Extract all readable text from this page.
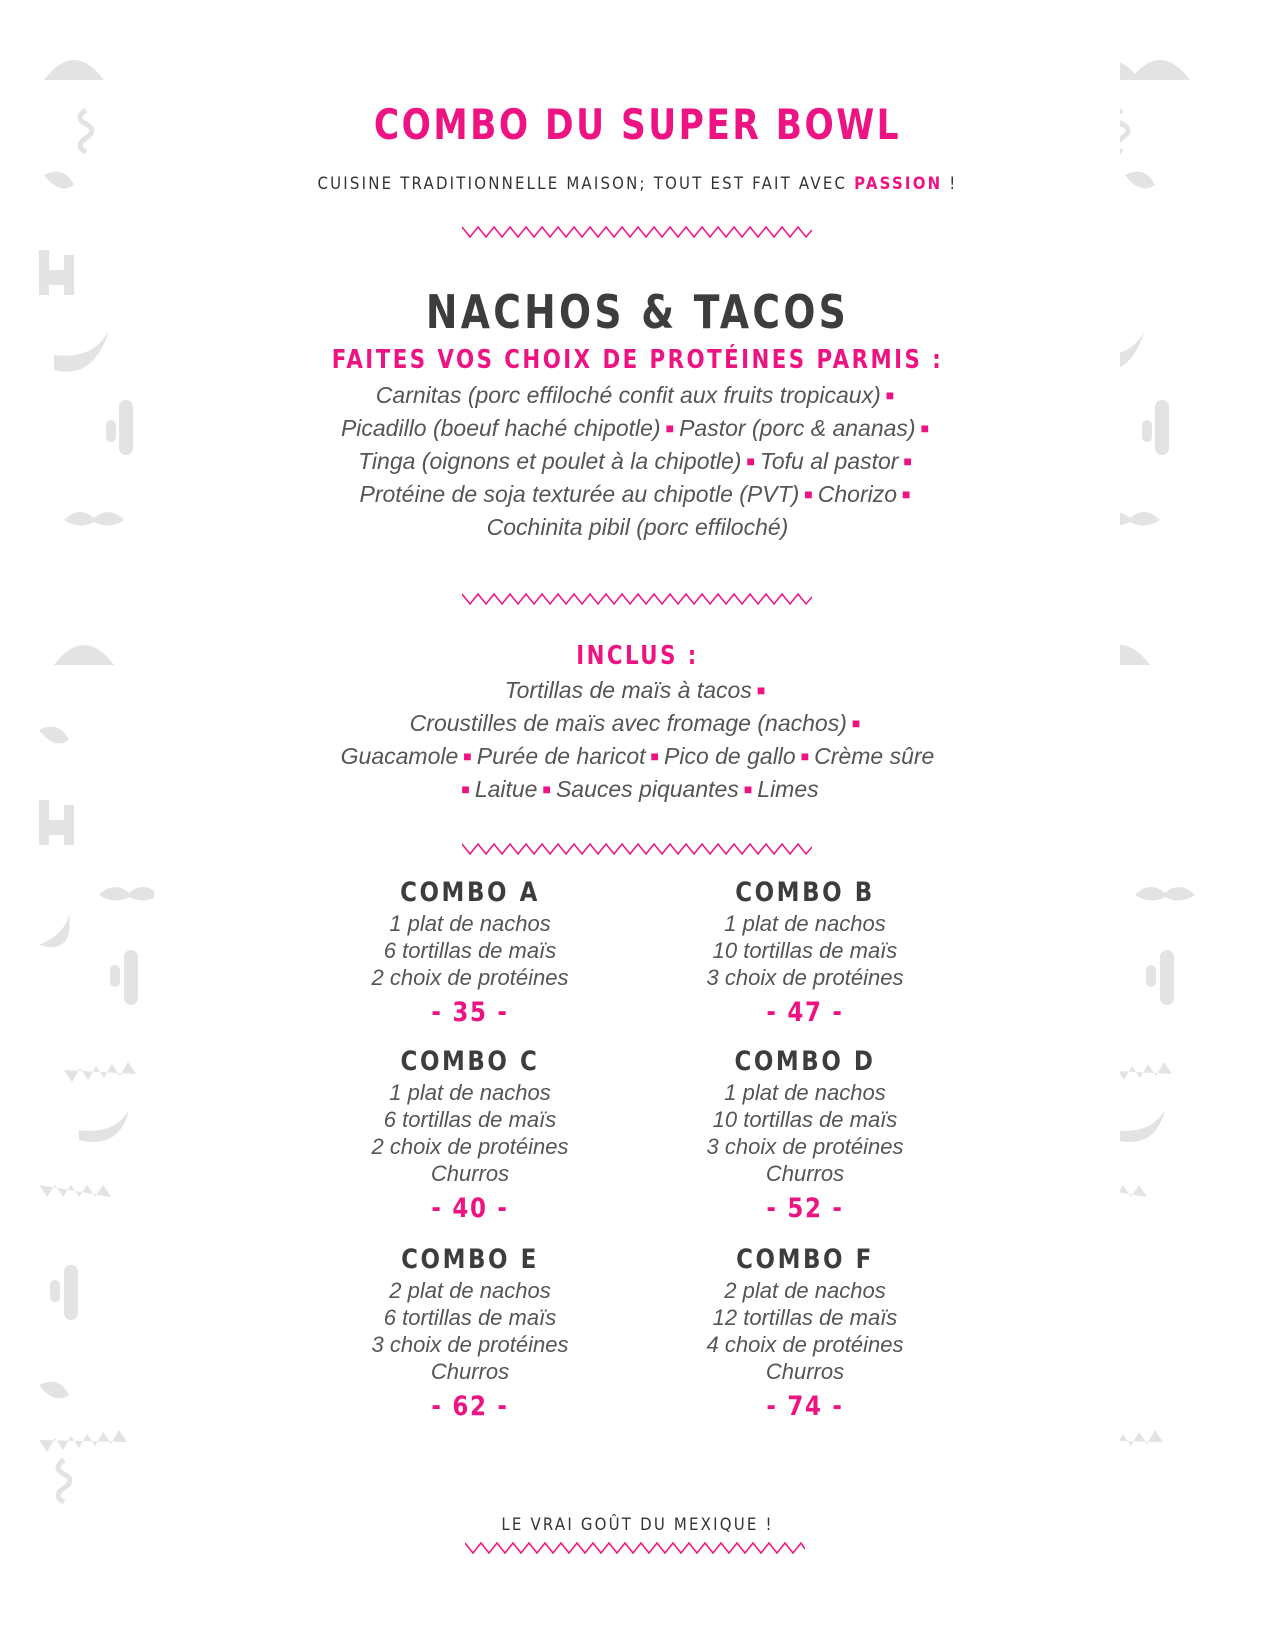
COMBO DU SUPER BOWL
CUISINE TRADITIONNELLE MAISON; TOUT EST FAIT AVEC PASSION !
NACHOS & TACOS
FAITES VOS CHOIX DE PROTÉINES PARMIS :
Carnitas (porc effiloché confit aux fruits tropicaux) ■
Picadillo (boeuf haché chipotle) ■ Pastor (porc & ananas) ■
Tinga (oignons et poulet à la chipotle) ■ Tofu al pastor ■
Protéine de soja texturée au chipotle (PVT) ■ Chorizo ■
Cochinita pibil (porc effiloché)
INCLUS :
Tortillas de maïs à tacos ■
Croustilles de maïs avec fromage (nachos) ■
Guacamole ■ Purée de haricot ■ Pico de gallo ■ Crème sûre
■ Laitue ■ Sauces piquantes ■ Limes
COMBO A
1 plat de nachos
6 tortillas de maïs
2 choix de protéines
- 35 -
COMBO B
1 plat de nachos
10 tortillas de maïs
3 choix de protéines
- 47 -
COMBO C
1 plat de nachos
6 tortillas de maïs
2 choix de protéines
Churros
- 40 -
COMBO D
1 plat de nachos
10 tortillas de maïs
3 choix de protéines
Churros
- 52 -
COMBO E
2 plat de nachos
6 tortillas de maïs
3 choix de protéines
Churros
- 62 -
COMBO F
2 plat de nachos
12 tortillas de maïs
4 choix de protéines
Churros
- 74 -
LE VRAI GOÛT DU MEXIQUE !
